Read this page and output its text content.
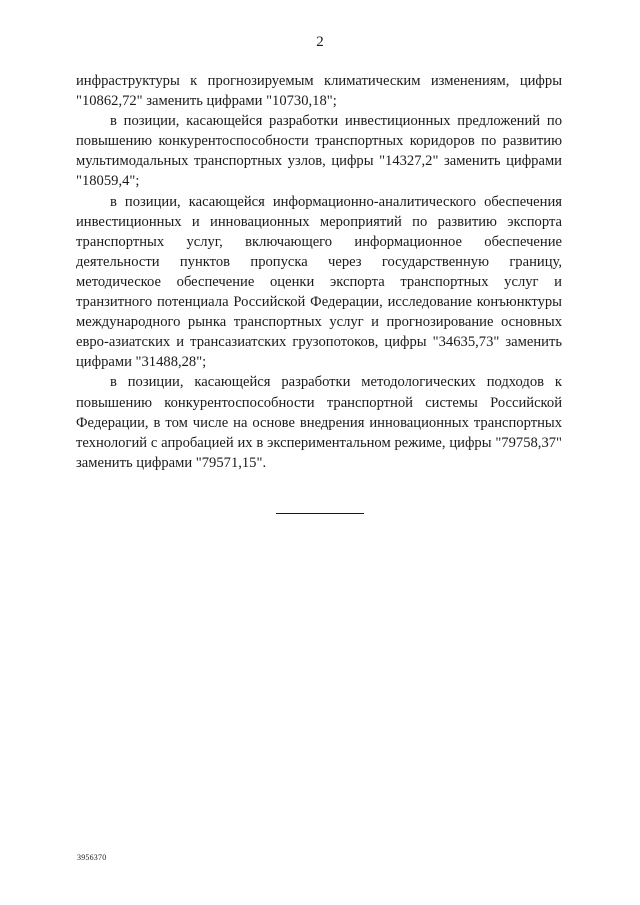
2

инфраструктуры к прогнозируемым климатическим изменениям, цифры "10862,72" заменить цифрами "10730,18";

в позиции, касающейся разработки инвестиционных предложений по повышению конкурентоспособности транспортных коридоров по развитию мультимодальных транспортных узлов, цифры "14327,2" заменить цифрами "18059,4";

в позиции, касающейся информационно-аналитического обеспечения инвестиционных и инновационных мероприятий по развитию экспорта транспортных услуг, включающего информационное обеспечение деятельности пунктов пропуска через государственную границу, методическое обеспечение оценки экспорта транспортных услуг и транзитного потенциала Российской Федерации, исследование конъюнктуры международного рынка транспортных услуг и прогнозирование основных евро-азиатских и трансазиатских грузопотоков, цифры "34635,73" заменить цифрами "31488,28";

в позиции, касающейся разработки методологических подходов к повышению конкурентоспособности транспортной системы Российской Федерации, в том числе на основе внедрения инновационных транспортных технологий с апробацией их в экспериментальном режиме, цифры "79758,37" заменить цифрами "79571,15".

3956370
